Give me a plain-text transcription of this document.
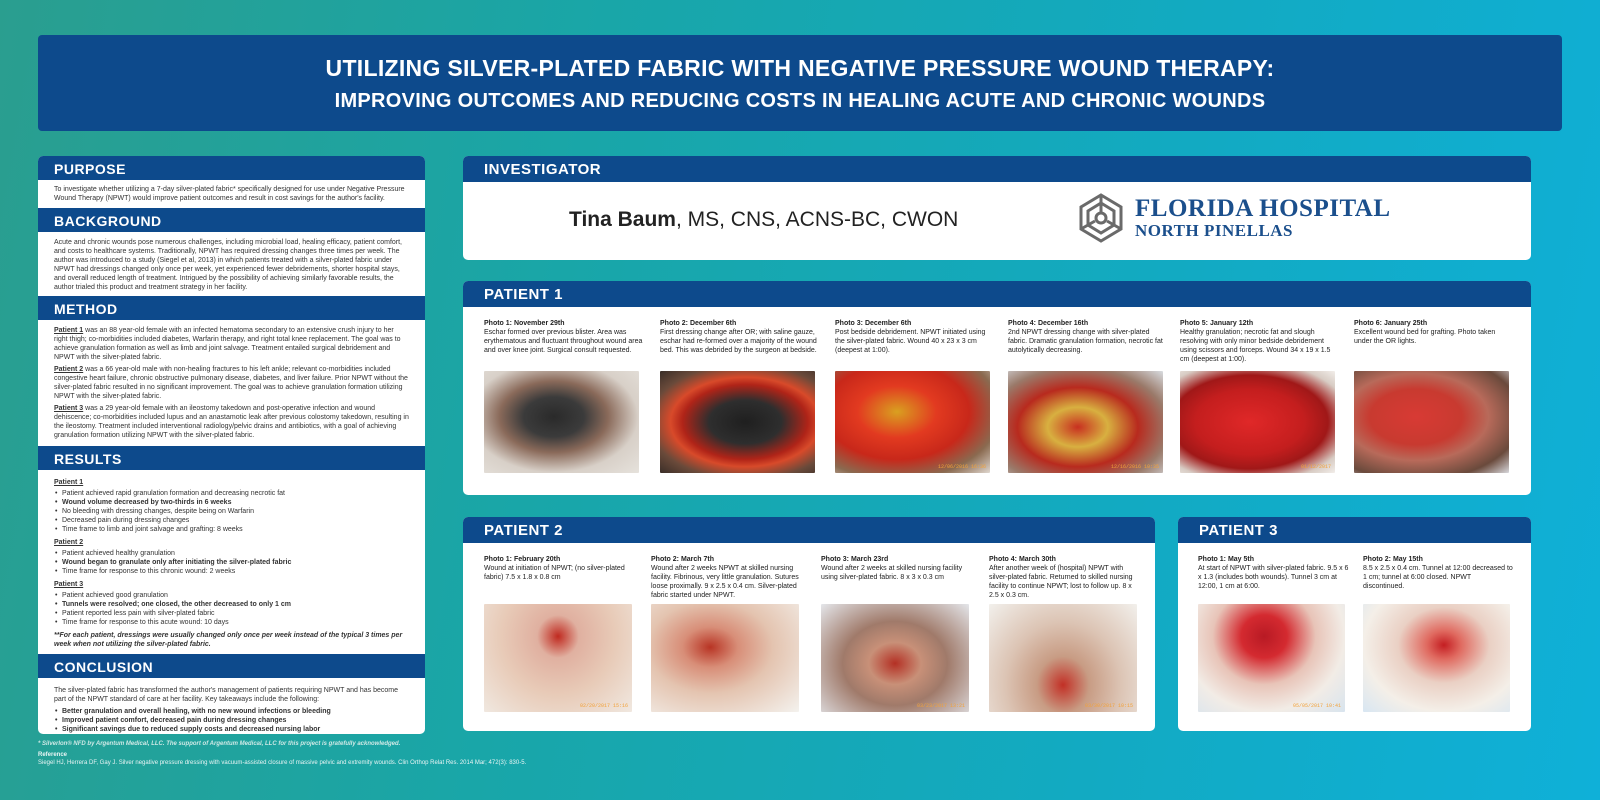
UTILIZING SILVER-PLATED FABRIC WITH NEGATIVE PRESSURE WOUND THERAPY:
IMPROVING OUTCOMES AND REDUCING COSTS IN HEALING ACUTE AND CHRONIC WOUNDS
PURPOSE
To investigate whether utilizing a 7-day silver-plated fabric* specifically designed for use under Negative Pressure Wound Therapy (NPWT) would improve patient outcomes and result in cost savings for the author's facility.
BACKGROUND
Acute and chronic wounds pose numerous challenges, including microbial load, healing efficacy, patient comfort, and costs to healthcare systems. Traditionally, NPWT has required dressing changes three times per week. The author was introduced to a study (Siegel et al, 2013) in which patients treated with a silver-plated fabric under NPWT had dressings changed only once per week, yet experienced fewer debridements, shorter hospital stays, and overall reduced length of treatment. Intrigued by the possibility of achieving similarly favorable results, the author trialed this product and treatment strategy in her facility.
METHOD

Patient 1 was an 88 year-old female with an infected hematoma secondary to an extensive crush injury to her right thigh; co-morbidities included diabetes, Warfarin therapy, and right total knee replacement. The goal was to achieve granulation formation as well as limb and joint salvage. Treatment entailed surgical debridement and NPWT with the silver-plated fabric.

Patient 2 was a 66 year-old male with non-healing fractures to his left ankle; relevant co-morbidities included congestive heart failure, chronic obstructive pulmonary disease, diabetes, and liver failure. Prior NPWT without the silver-plated fabric resulted in no significant improvement. The goal was to achieve granulation formation utilizing NPWT with the silver-plated fabric.

Patient 3 was a 29 year-old female with an ileostomy takedown and post-operative infection and wound dehiscence; co-morbidities included lupus and an anastamotic leak after previous colostomy takedown, resulting in the ileostomy. Treatment included interventional radiology/pelvic drains and antibiotics, with a goal of achieving granulation formation utilizing NPWT with the silver-plated fabric.

RESULTS
Patient 1
• Patient achieved rapid granulation formation and decreasing necrotic fat
• Wound volume decreased by two-thirds in 6 weeks
• No bleeding with dressing changes, despite being on Warfarin
• Decreased pain during dressing changes
• Time frame to limb and joint salvage and grafting: 8 weeks
Patient 2
• Patient achieved healthy granulation
• Wound began to granulate only after initiating the silver-plated fabric
• Time frame for response to this chronic wound: 2 weeks
Patient 3
• Patient achieved good granulation
• Tunnels were resolved; one closed, the other decreased to only 1 cm
• Patient reported less pain with silver-plated fabric
• Time frame for response to this acute wound: 10 days
**For each patient, dressings were usually changed only once per week instead of the typical 3 times per week when not utilizing the silver-plated fabric.
CONCLUSION

The silver-plated fabric has transformed the author's management of patients requiring NPWT and has become part of the NPWT standard of care at her facility. Key takeaways include the following:

• Better granulation and overall healing, with no new wound infections or bleeding
• Improved patient comfort, decreased pain during dressing changes
• Significant savings due to reduced supply costs and decreased nursing labor
INVESTIGATOR
Tina Baum, MS, CNS, ACNS-BC, CWON	FLORIDA HOSPITAL
NORTH PINELLAS
PATIENT 1
Photo 1: November 29th
Eschar formed over previous blister. Area was erythematous and fluctuant throughout wound area and over knee joint. Surgical consult requested.
Photo 2: December 6th
First dressing change after OR; with saline gauze, eschar had re-formed over a majority of the wound bed. This was debrided by the surgeon at bedside.
Photo 3: December 6th
Post bedside debridement. NPWT initiated using the silver-plated fabric. Wound 40 x 23 x 3 cm (deepest at 1:00).
12/06/2016 16:36
Photo 4: December 16th
2nd NPWT dressing change with silver-plated fabric. Dramatic granulation formation, necrotic fat autolytically decreasing.
12/16/2016 10:35
Photo 5: January 12th
Healthy granulation; necrotic fat and slough resolving with only minor bedside debridement using scissors and forceps. Wound 34 x 19 x 1.5 cm (deepest at 1:00).
01/12/2017
Photo 6: January 25th
Excellent wound bed for grafting. Photo taken under the OR lights.
PATIENT 2
Photo 1: February 20th
Wound at initiation of NPWT; (no silver-plated fabric) 7.5 x 1.8 x 0.8 cm
02/20/2017 15:16
Photo 2: March 7th
Wound after 2 weeks NPWT at skilled nursing facility. Fibrinous, very little granulation. Sutures loose proximally. 9 x 2.5 x 0.4 cm. Silver-plated fabric started under NPWT.
Photo 3: March 23rd
Wound after 2 weeks at skilled nursing facility using silver-plated fabric. 8 x 3 x 0.3 cm
03/23/2017 13:21
Photo 4: March 30th
After another week of (hospital) NPWT with silver-plated fabric. Returned to skilled nursing facility to continue NPWT; lost to follow up. 8 x 2.5 x 0.3 cm.
03/30/2017 10:15
PATIENT 3
Photo 1: May 5th
At start of NPWT with silver-plated fabric. 9.5 x 6 x 1.3 (includes both wounds). Tunnel 3 cm at 12:00, 1 cm at 6:00.
05/05/2017 10:41
Photo 2: May 15th
8.5 x 2.5 x 0.4 cm. Tunnel at 12:00 decreased to 1 cm; tunnel at 6:00 closed. NPWT discontinued.
* Silverlon® NFD by Argentum Medical, LLC. The support of Argentum Medical, LLC for this project is gratefully acknowledged.
Reference
Siegel HJ, Herrera DF, Gay J. Silver negative pressure dressing with vacuum-assisted closure of massive pelvic and extremity wounds. Clin Orthop Relat Res. 2014 Mar; 472(3): 830-5.
